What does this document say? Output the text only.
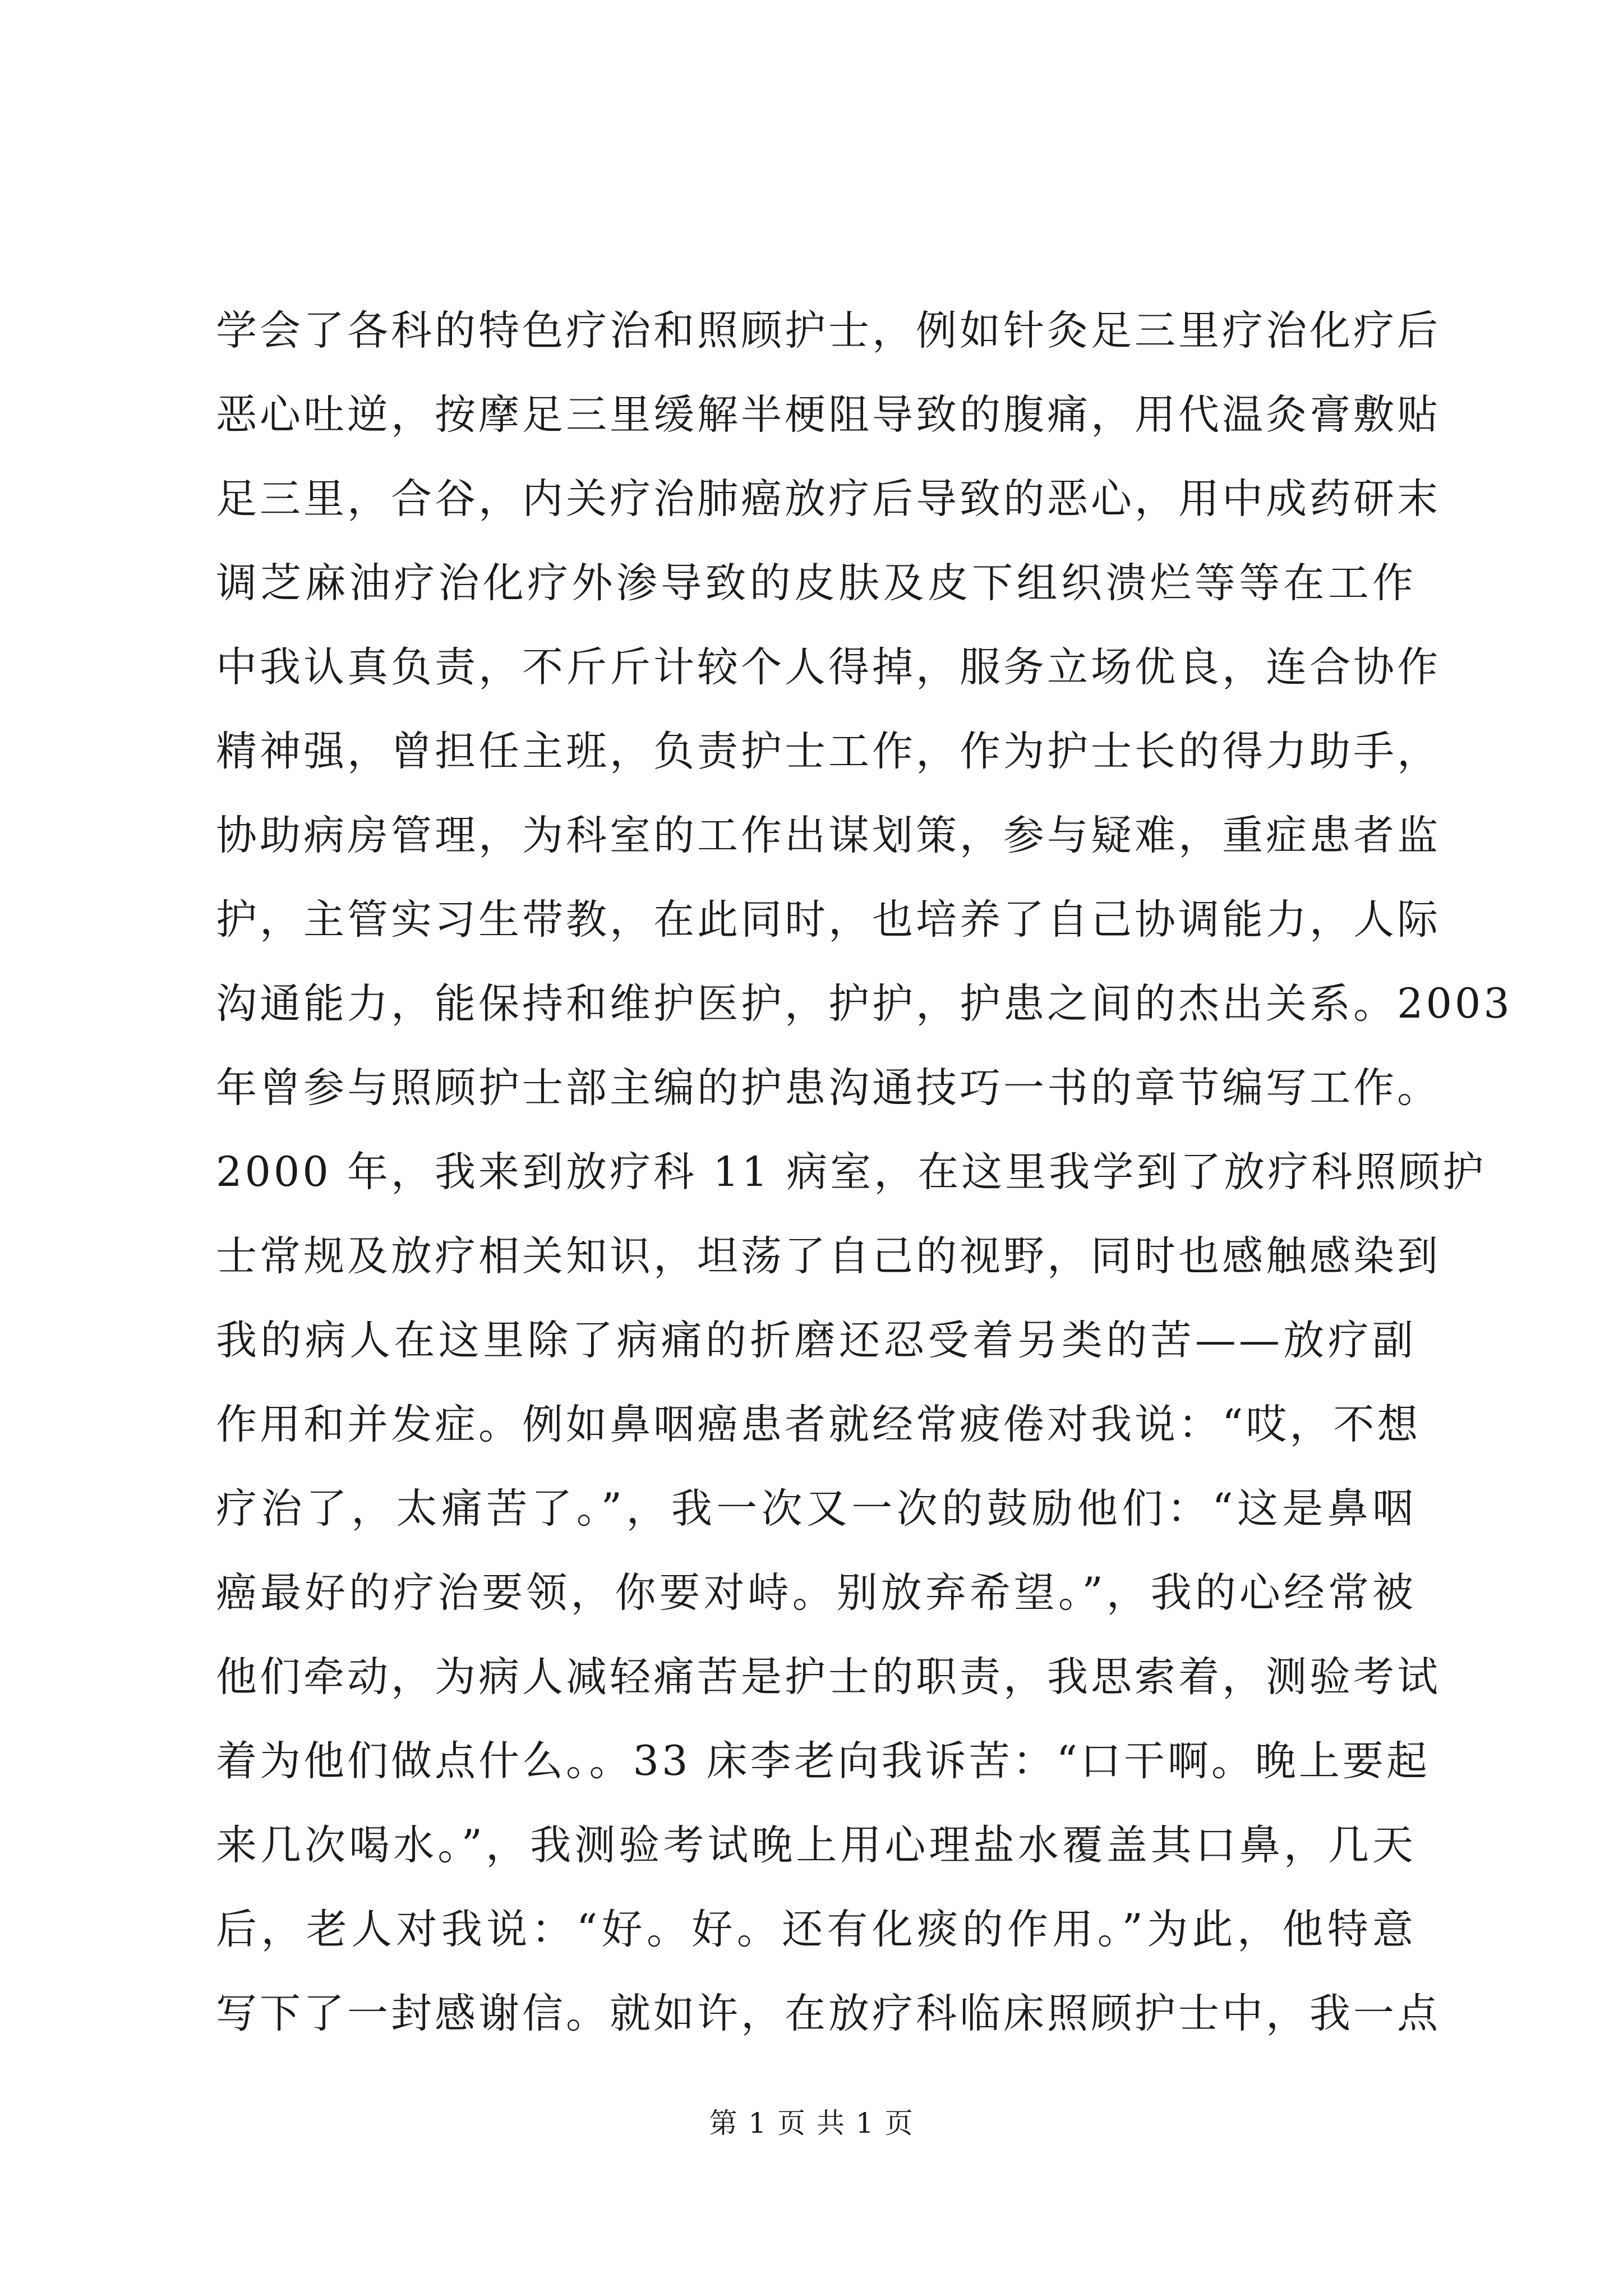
学会了各科的特色疗治和照顾护士，例如针灸足三里疗治化疗后
恶心吐逆，按摩足三里缓解半梗阻导致的腹痛，用代温灸膏敷贴
足三里，合谷，内关疗治肺癌放疗后导致的恶心，用中成药研末
调芝麻油疗治化疗外渗导致的皮肤及皮下组织溃烂等等在工作
中我认真负责，不斤斤计较个人得掉，服务立场优良，连合协作
精神强，曾担任主班，负责护士工作，作为护士长的得力助手，
协助病房管理，为科室的工作出谋划策，参与疑难，重症患者监
护，主管实习生带教，在此同时，也培养了自己协调能力，人际
沟通能力，能保持和维护医护，护护，护患之间的杰出关系。2003
年曾参与照顾护士部主编的护患沟通技巧一书的章节编写工作。
2000 年，我来到放疗科 11 病室，在这里我学到了放疗科照顾护
士常规及放疗相关知识，坦荡了自己的视野，同时也感触感染到
我的病人在这里除了病痛的折磨还忍受着另类的苦——放疗副
作用和并发症。例如鼻咽癌患者就经常疲倦对我说：“哎，不想
疗治了，太痛苦了。”，我一次又一次的鼓励他们：“这是鼻咽
癌最好的疗治要领，你要对峙。别放弃希望。”，我的心经常被
他们牵动，为病人减轻痛苦是护士的职责，我思索着，测验考试
着为他们做点什么。。33 床李老向我诉苦：“口干啊。晚上要起
来几次喝水。”，我测验考试晚上用心理盐水覆盖其口鼻，几天
后，老人对我说：“好。好。还有化痰的作用。”为此，他特意
写下了一封感谢信。就如许，在放疗科临床照顾护士中，我一点
第 1 页 共 1 页
